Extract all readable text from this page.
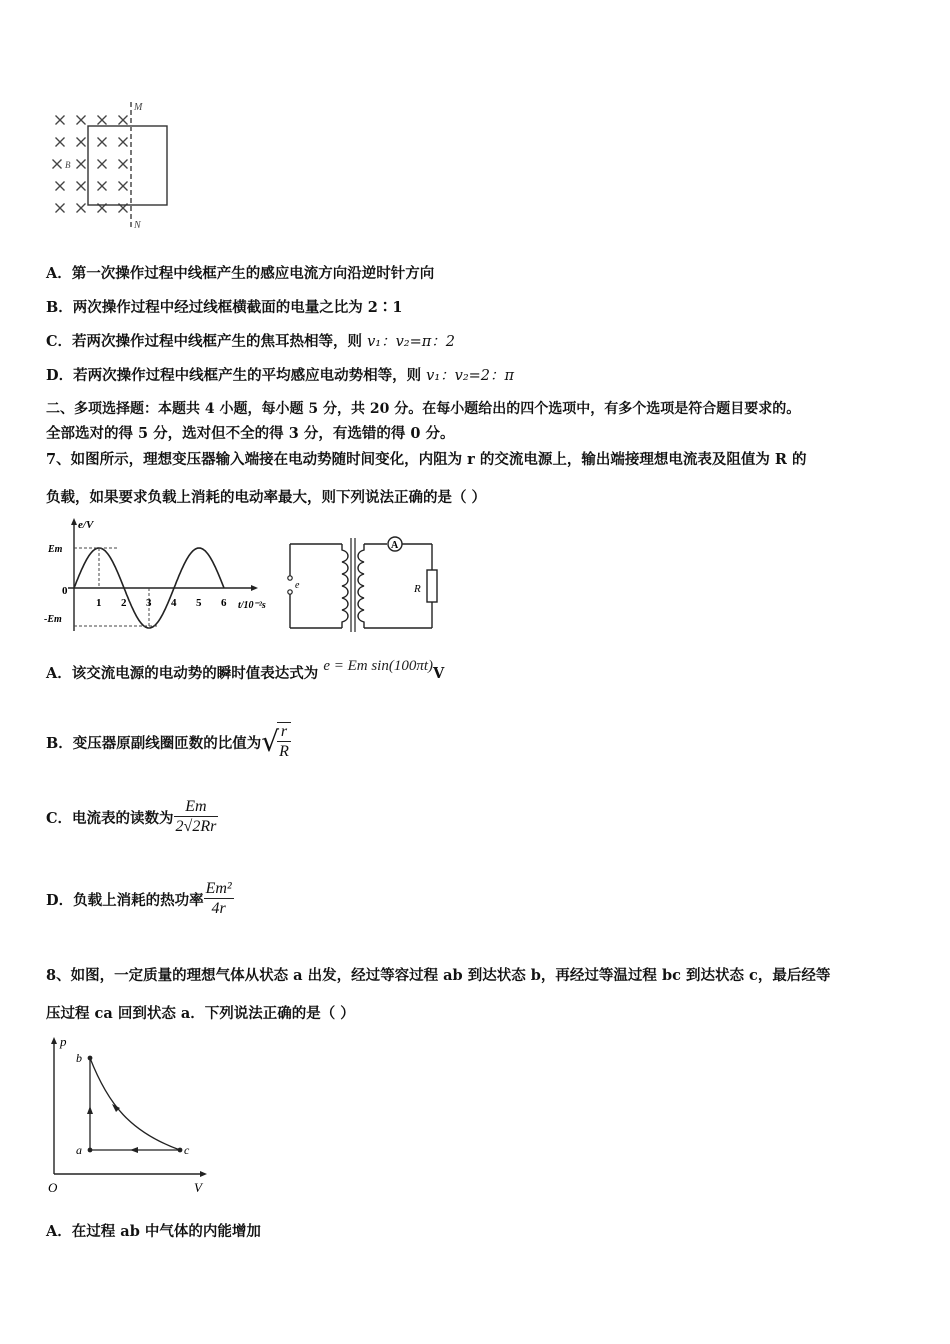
M
N
B
A．第一次操作过程中线框产生的感应电流方向沿逆时针方向
B．两次操作过程中经过线框横截面的电量之比为 2∶1
C．若两次操作过程中线框产生的焦耳热相等，则 v₁：v₂=π：2
D．若两次操作过程中线框产生的平均感应电动势相等，则 v₁：v₂=2：π
二、多项选择题：本题共 4 小题，每小题 5 分，共 20 分。在每小题给出的四个选项中，有多个选项是符合题目要求的。
全部选对的得 5 分，选对但不全的得 3 分，有选错的得 0 分。
7、如图所示，理想变压器输入端接在电动势随时间变化，内阻为 r 的交流电源上，输出端接理想电流表及阻值为 R 的
负载，如果要求负载上消耗的电动率最大，则下列说法正确的是（ ）
e/V
Em
-Em
0
t/10⁻²s
1 2 3 4 5 6
e
A
R
A．该交流电源的电动势的瞬时值表达式为 e = Em sin(100πt)V
B．变压器原副线圈匝数的比值为 √
$\frac{r}{R}$
C．电流表的读数为 $\frac{Em}{2√2Rr}$
D．负载上消耗的热功率 $\frac{\text{Em²}}{4r}$
8、如图，一定质量的理想气体从状态 a 出发，经过等容过程 ab 到达状态 b，再经过等温过程 bc 到达状态 c，最后经等
压过程 ca 回到状态 a．下列说法正确的是（ ）
p
V
O
a
b
c
A．在过程 ab 中气体的内能增加
